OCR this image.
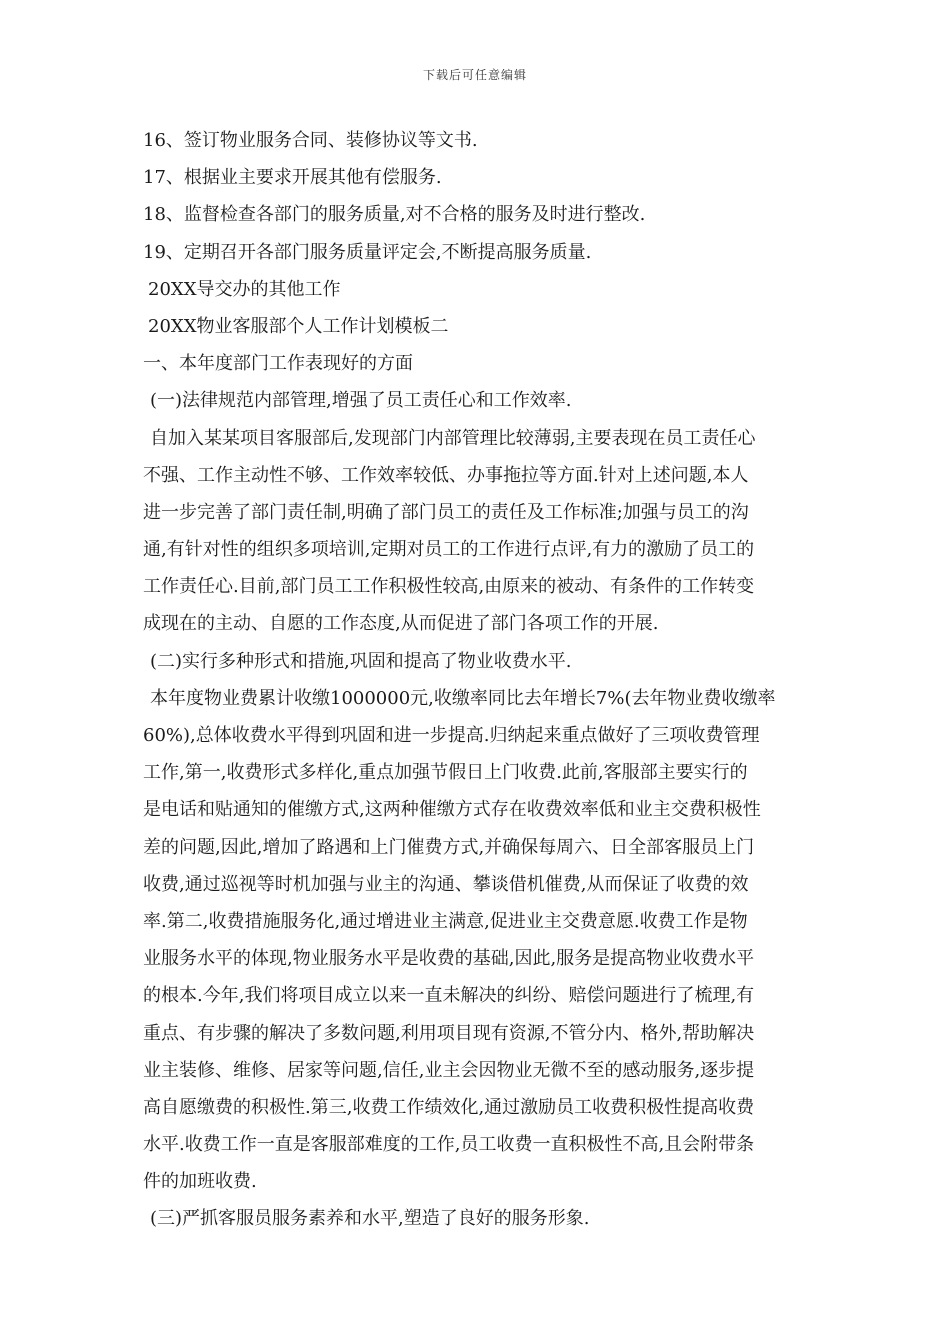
下载后可任意编辑
16、签订物业服务合同、装修协议等文书.
17、根据业主要求开展其他有偿服务.
18、监督检查各部门的服务质量,对不合格的服务及时进行整改.
19、定期召开各部门服务质量评定会,不断提高服务质量.
20XX导交办的其他工作
20XX物业客服部个人工作计划模板二
一、本年度部门工作表现好的方面
(一)法律规范内部管理,增强了员工责任心和工作效率.
自加入某某项目客服部后,发现部门内部管理比较薄弱,主要表现在员工责任心
不强、工作主动性不够、工作效率较低、办事拖拉等方面.针对上述问题,本人
进一步完善了部门责任制,明确了部门员工的责任及工作标准;加强与员工的沟
通,有针对性的组织多项培训,定期对员工的工作进行点评,有力的激励了员工的
工作责任心.目前,部门员工工作积极性较高,由原来的被动、有条件的工作转变
成现在的主动、自愿的工作态度,从而促进了部门各项工作的开展.
(二)实行多种形式和措施,巩固和提高了物业收费水平.
本年度物业费累计收缴1000000元,收缴率同比去年增长7%(去年物业费收缴率
60%),总体收费水平得到巩固和进一步提高.归纳起来重点做好了三项收费管理
工作,第一,收费形式多样化,重点加强节假日上门收费.此前,客服部主要实行的
是电话和贴通知的催缴方式,这两种催缴方式存在收费效率低和业主交费积极性
差的问题,因此,增加了路遇和上门催费方式,并确保每周六、日全部客服员上门
收费,通过巡视等时机加强与业主的沟通、攀谈借机催费,从而保证了收费的效
率.第二,收费措施服务化,通过增进业主满意,促进业主交费意愿.收费工作是物
业服务水平的体现,物业服务水平是收费的基础,因此,服务是提高物业收费水平
的根本.今年,我们将项目成立以来一直未解决的纠纷、赔偿问题进行了梳理,有
重点、有步骤的解决了多数问题,利用项目现有资源,不管分内、格外,帮助解决
业主装修、维修、居家等问题,信任,业主会因物业无微不至的感动服务,逐步提
高自愿缴费的积极性.第三,收费工作绩效化,通过激励员工收费积极性提高收费
水平.收费工作一直是客服部难度的工作,员工收费一直积极性不高,且会附带条
件的加班收费.
(三)严抓客服员服务素养和水平,塑造了良好的服务形象.
